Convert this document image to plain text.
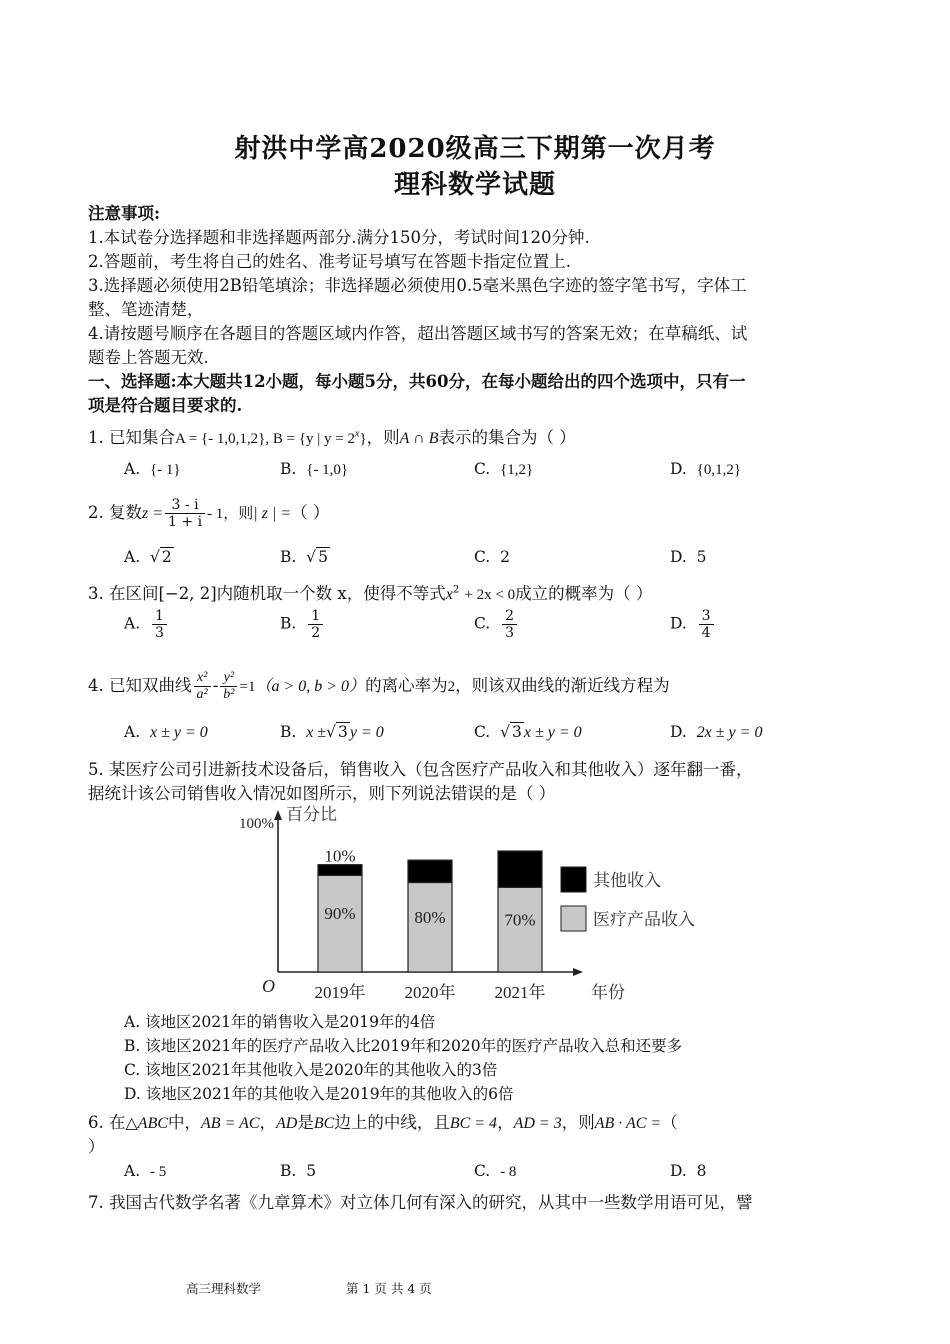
射洪中学高2020级高三下期第一次月考
理科数学试题
注意事项:
1.本试卷分选择题和非选择题两部分.满分150分，考试时间120分钟.
2.答题前，考生将自己的姓名、准考证号填写在答题卡指定位置上.
3.选择题必须使用2B铅笔填涂；非选择题必须使用0.5毫米黑色字迹的签字笔书写，字体工
整、笔迹清楚，
4.请按题号顺序在各题目的答题区域内作答，超出答题区域书写的答案无效；在草稿纸、试
题卷上答题无效.
一、选择题:本大题共12小题，每小题5分，共60分，在每小题给出的四个选项中，只有一
项是符合题目要求的.
1. 已知集合A = {- 1,0,1,2}, B = {y | $y = 2^x$}，则A ∩ B表示的集合为（ ）
A. {- 1}	B. {- 1,0}	C. {1,2}	D. {0,1,2}
2. 复数$z = \frac{3 - i}{1 + i} - 1$，则| z | =（ ）
A.  √ 2	B.  √ 5	C. 2	D. 5
3. 在区间[−2, 2]内随机取一个数 x，使得不等式$x^2 + 2x < 0$成立的概率为（ ）
A. $\frac{1}{3}$	B. $\frac{1}{2}$	C. $\frac{2}{3}$	D. $\frac{3}{4}$
4. 已知双曲线 $\frac{\text{x²}}{\text{a²}} - \frac{\text{y²}}{\text{b²}} =1(a > 0$, b > 0）的离心率为2，则该双曲线的渐近线方程为
A. x ± y = 0	B. x ±√ 3 y = 0	C.  √ 3 x ± y = 0	D. 2x ± y = 0
5. 某医疗公司引进新技术设备后，销售收入（包含医疗产品收入和其他收入）逐年翻一番，
据统计该公司销售收入情况如图所示，则下列说法错误的是（ ）
百分比
100%
O	年份
90%
10%
2019年
80%
2020年
70%
2021年
其他收入
医疗产品收入
A. 该地区2021年的销售收入是2019年的4倍
B. 该地区2021年的医疗产品收入比2019年和2020年的医疗产品收入总和还要多
C. 该地区2021年其他收入是2020年的其他收入的3倍
D. 该地区2021年的其他收入是2019年的其他收入的6倍
6. 在△ABC中，AB = AC，AD是BC边上的中线，且BC = 4，AD = 3，则AB · AC =（
）
A. - 5	B. 5	C. - 8	D. 8
7. 我国古代数学名著《九章算术》对立体几何有深入的研究，从其中一些数学用语可见，譬
高三理科数学	第 1 页 共 4 页
